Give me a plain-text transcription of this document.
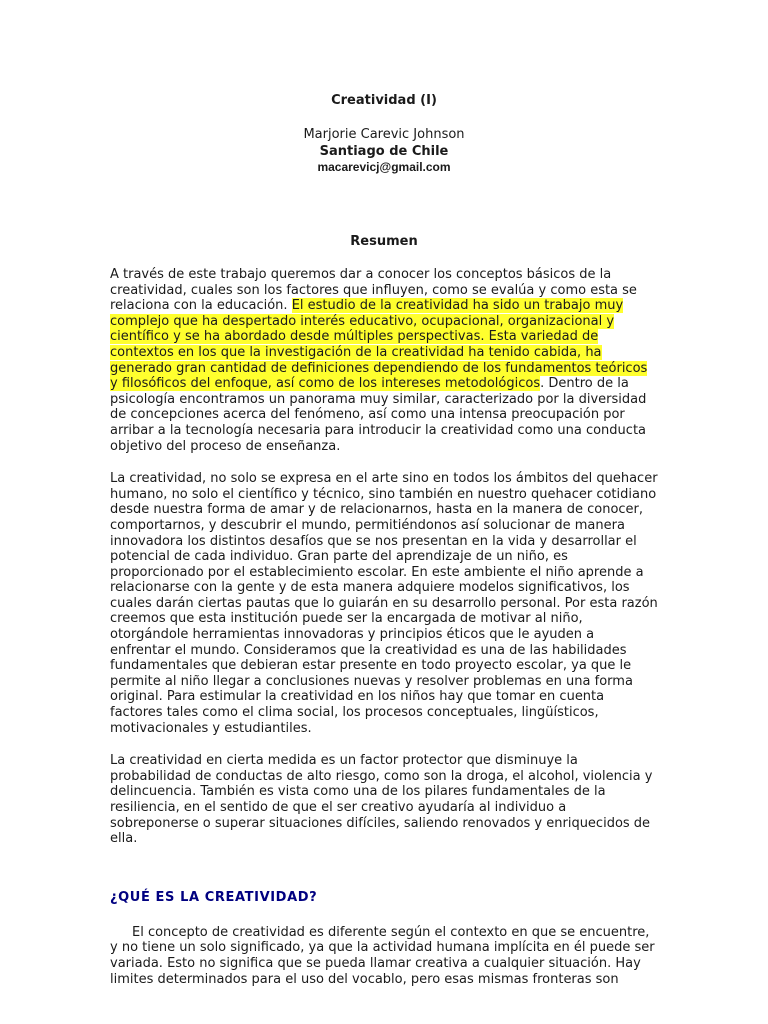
Creatividad (I)
Marjorie Carevic Johnson
Santiago de Chile
macarevicj@gmail.com
Resumen

A través de este trabajo queremos dar a conocer los conceptos básicos de la creatividad, cuales son los factores que influyen, como se evalúa y como esta se relaciona con la educación. El estudio de la creatividad ha sido un trabajo muy complejo que ha despertado interés educativo, ocupacional, organizacional y científico y se ha abordado desde múltiples perspectivas. Esta variedad de contextos en los que la investigación de la creatividad ha tenido cabida, ha generado gran cantidad de definiciones dependiendo de los fundamentos teóricos y filosóficos del enfoque, así como de los intereses metodológicos. Dentro de la psicología encontramos un panorama muy similar, caracterizado por la diversidad de concepciones acerca del fenómeno, así como una intensa preocupación por arribar a la tecnología necesaria para introducir la creatividad como una conducta objetivo del proceso de enseñanza.

La creatividad, no solo se expresa en el arte sino en todos los ámbitos del quehacer humano, no solo el científico y técnico, sino también en nuestro quehacer cotidiano desde nuestra forma de amar y de relacionarnos, hasta en la manera de conocer, comportarnos, y descubrir el mundo, permitiéndonos así solucionar de manera innovadora los distintos desafíos que se nos presentan en la vida y desarrollar el potencial de cada individuo. Gran parte del aprendizaje de un niño, es proporcionado por el establecimiento escolar. En este ambiente el niño aprende a relacionarse con la gente y de esta manera adquiere modelos significativos, los cuales darán ciertas pautas que lo guiarán en su desarrollo personal. Por esta razón creemos que esta institución puede ser la encargada de motivar al niño, otorgándole herramientas innovadoras y principios éticos que le ayuden a enfrentar el mundo. Consideramos que la creatividad es una de las habilidades fundamentales que debieran estar presente en todo proyecto escolar, ya que le permite al niño llegar a conclusiones nuevas y resolver problemas en una forma original. Para estimular la creatividad en los niños hay que tomar en cuenta factores tales como el clima social, los procesos conceptuales, lingüísticos, motivacionales y estudiantiles.

La creatividad en cierta medida es un factor protector que disminuye la probabilidad de conductas de alto riesgo, como son la droga, el alcohol, violencia y delincuencia. También es vista como una de los pilares fundamentales de la resiliencia, en el sentido de que el ser creativo ayudaría al individuo a sobreponerse o superar situaciones difíciles, saliendo renovados y enriquecidos de ella.

¿QUÉ ES LA CREATIVIDAD?

El concepto de creatividad es diferente según el contexto en que se encuentre, y no tiene un solo significado, ya que la actividad humana implícita en él puede ser variada. Esto no significa que se pueda llamar creativa a cualquier situación. Hay limites determinados para el uso del vocablo, pero esas mismas fronteras son
